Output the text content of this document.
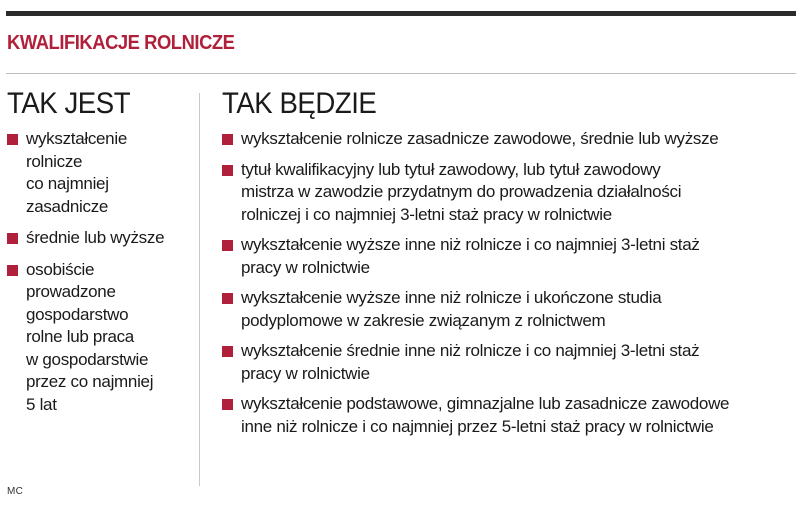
KWALIFIKACJE ROLNICZE
TAK JEST
wykształcenie
rolnicze
co najmniej
zasadnicze
średnie lub wyższe
osobiście
prowadzone
gospodarstwo
rolne lub praca
w gospodarstwie
przez co najmniej
5 lat
TAK BĘDZIE
wykształcenie rolnicze zasadnicze zawodowe, średnie lub wyższe
tytuł kwalifikacyjny lub tytuł zawodowy, lub tytuł zawodowy
mistrza w zawodzie przydatnym do prowadzenia działalności
rolniczej i co najmniej 3-letni staż pracy w rolnictwie
wykształcenie wyższe inne niż rolnicze i co najmniej 3-letni staż
pracy w rolnictwie
wykształcenie wyższe inne niż rolnicze i ukończone studia
podyplomowe w zakresie związanym z rolnictwem
wykształcenie średnie inne niż rolnicze i co najmniej 3-letni staż
pracy w rolnictwie
wykształcenie podstawowe, gimnazjalne lub zasadnicze zawodowe
inne niż rolnicze i co najmniej przez 5-letni staż pracy w rolnictwie
MC
